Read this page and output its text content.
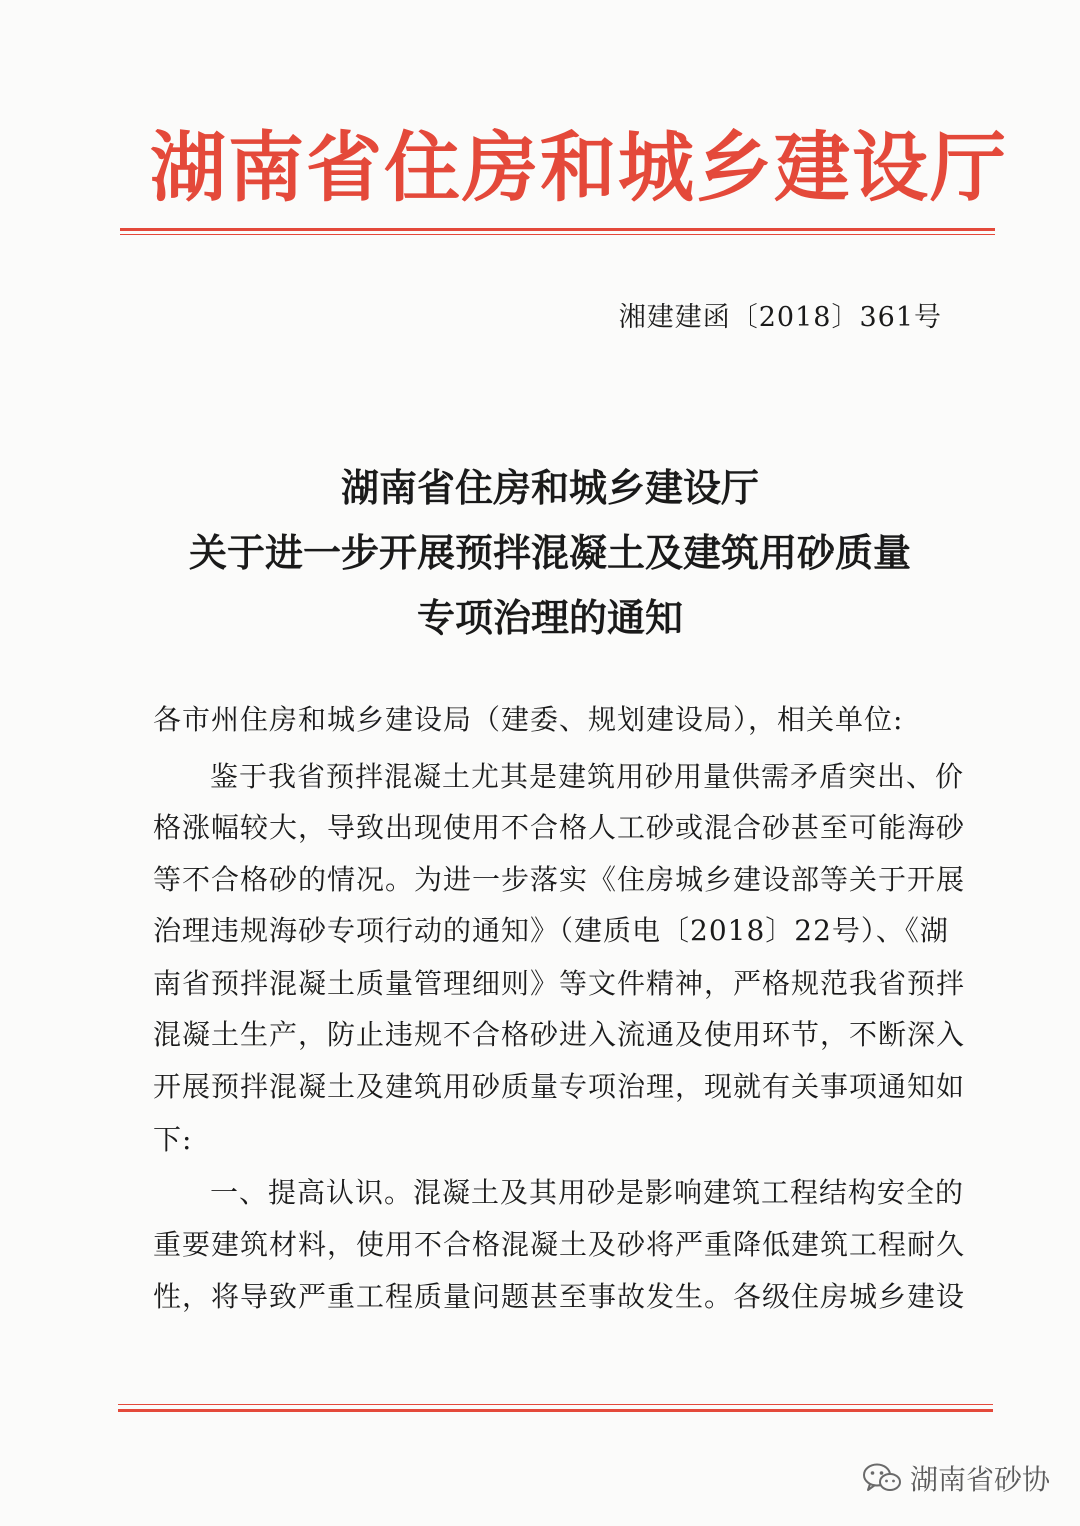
湖南省住房和城乡建设厅
湘建建函〔2018〕361号
湖南省住房和城乡建设厅
关于进一步开展预拌混凝土及建筑用砂质量
专项治理的通知
各市州住房和城乡建设局（建委、规划建设局），相关单位:
鉴于我省预拌混凝土尤其是建筑用砂用量供需矛盾突出、价
格涨幅较大，导致出现使用不合格人工砂或混合砂甚至可能海砂
等不合格砂的情况。为进一步落实《住房城乡建设部等关于开展
治理违规海砂专项行动的通知》（建质电〔2018〕22号）、《湖
南省预拌混凝土质量管理细则》等文件精神，严格规范我省预拌
混凝土生产，防止违规不合格砂进入流通及使用环节，不断深入
开展预拌混凝土及建筑用砂质量专项治理，现就有关事项通知如
下:
一、提高认识。混凝土及其用砂是影响建筑工程结构安全的
重要建筑材料，使用不合格混凝土及砂将严重降低建筑工程耐久
性，将导致严重工程质量问题甚至事故发生。各级住房城乡建设
湖南省砂协
